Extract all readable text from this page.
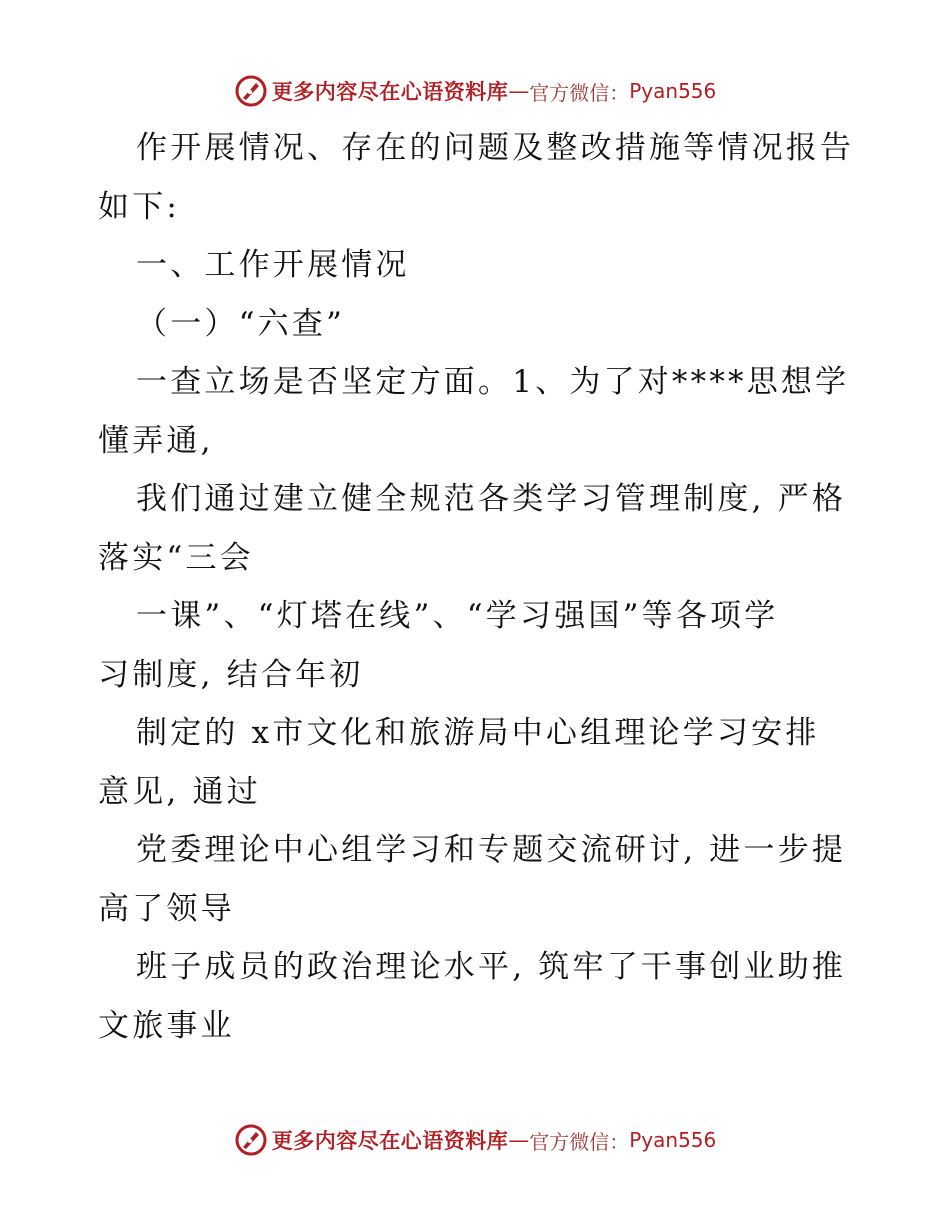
更多内容尽在心语资料库 — 官方微信： Pyan556
作开展情况、存在的问题及整改措施等情况报告
如下:
一、工作开展情况
（一）“六查”
一查立场是否坚定方面。1、为了对****思想学
懂弄通,
我们通过建立健全规范各类学习管理制度, 严格
落实“三会
一课”、“灯塔在线”、“学习强国”等各项学
习制度, 结合年初
制定的 x市文化和旅游局中心组理论学习安排
意见, 通过
党委理论中心组学习和专题交流研讨, 进一步提
高了领导
班子成员的政治理论水平, 筑牢了干事创业助推
文旅事业
更多内容尽在心语资料库 — 官方微信： Pyan556
